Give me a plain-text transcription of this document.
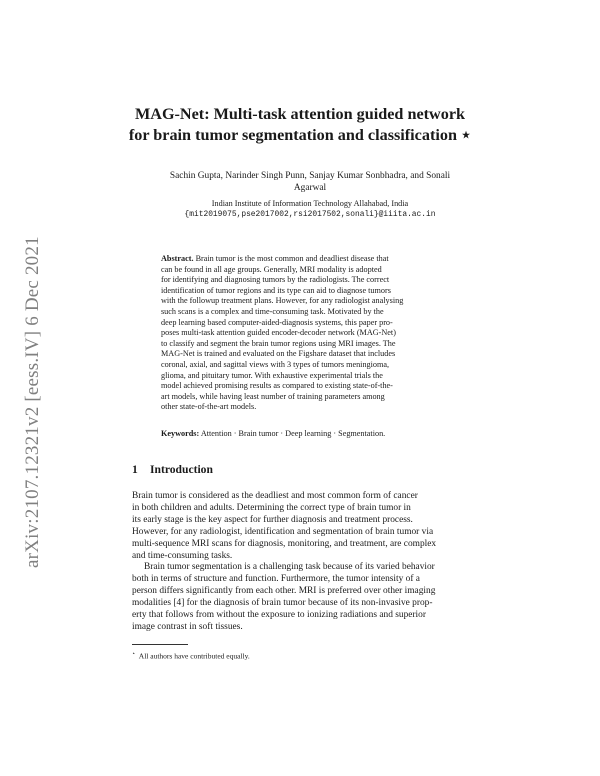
arXiv:2107.12321v2 [eess.IV] 6 Dec 2021
MAG-Net: Multi-task attention guided network
for brain tumor segmentation and classification ⋆
Sachin Gupta, Narinder Singh Punn, Sanjay Kumar Sonbhadra, and Sonali
Agarwal
Indian Institute of Information Technology Allahabad, India
{mit2019075,pse2017002,rsi2017502,sonali}@iiita.ac.in
Abstract. Brain tumor is the most common and deadliest disease that
can be found in all age groups. Generally, MRI modality is adopted
for identifying and diagnosing tumors by the radiologists. The correct
identification of tumor regions and its type can aid to diagnose tumors
with the followup treatment plans. However, for any radiologist analysing
such scans is a complex and time-consuming task. Motivated by the
deep learning based computer-aided-diagnosis systems, this paper pro-
poses multi-task attention guided encoder-decoder network (MAG-Net)
to classify and segment the brain tumor regions using MRI images. The
MAG-Net is trained and evaluated on the Figshare dataset that includes
coronal, axial, and sagittal views with 3 types of tumors meningioma,
glioma, and pituitary tumor. With exhaustive experimental trials the
model achieved promising results as compared to existing state-of-the-
art models, while having least number of training parameters among
other state-of-the-art models.
Keywords: Attention · Brain tumor · Deep learning · Segmentation.
1 Introduction
Brain tumor is considered as the deadliest and most common form of cancer
in both children and adults. Determining the correct type of brain tumor in
its early stage is the key aspect for further diagnosis and treatment process.
However, for any radiologist, identification and segmentation of brain tumor via
multi-sequence MRI scans for diagnosis, monitoring, and treatment, are complex
and time-consuming tasks.
Brain tumor segmentation is a challenging task because of its varied behavior
both in terms of structure and function. Furthermore, the tumor intensity of a
person differs significantly from each other. MRI is preferred over other imaging
modalities [4] for the diagnosis of brain tumor because of its non-invasive prop-
erty that follows from without the exposure to ionizing radiations and superior
image contrast in soft tissues.
⋆ All authors have contributed equally.
